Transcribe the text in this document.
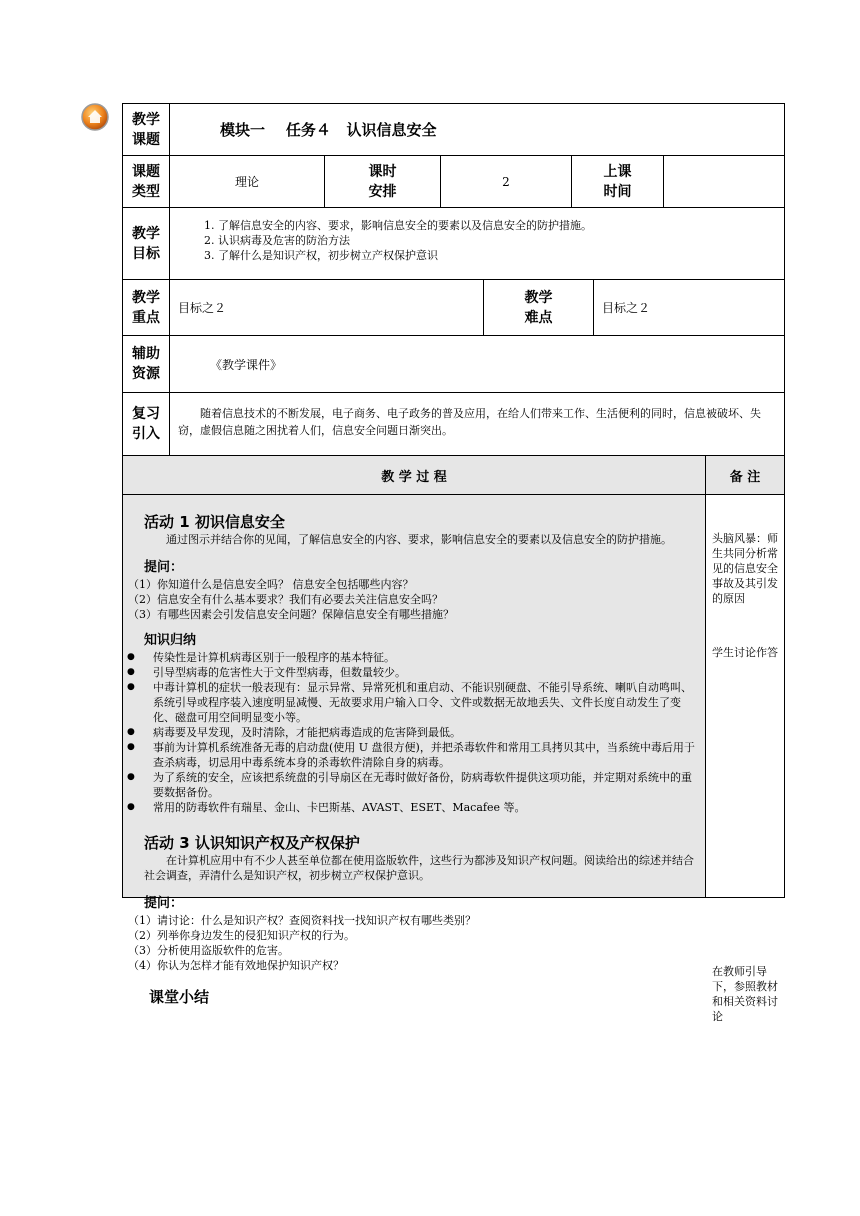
教学课题
模块一    任务４   认识信息安全
课题类型
理论
课时安排
2
上课时间
教学目标
1. 了解信息安全的内容、要求，影响信息安全的要素以及信息安全的防护措施。
2. 认识病毒及危害的防治方法
3. 了解什么是知识产权，初步树立产权保护意识
教学重点
目标之２
教学难点
目标之２
辅助资源
《教学课件》
复习引入

随着信息技术的不断发展，电子商务、电子政务的普及应用，在给人们带来工作、生活便利的同时，信息被破坏、失窃，虚假信息随之困扰着人们，信息安全问题日渐突出。

教 学 过 程	备 注
活动 1 初识信息安全

通过图示并结合你的见闻，了解信息安全的内容、要求，影响信息安全的要素以及信息安全的防护措施。

提问：

（1）你知道什么是信息安全吗？ 信息安全包括哪些内容？

（2）信息安全有什么基本要求？我们有必要去关注信息安全吗？

（3）有哪些因素会引发信息安全问题？保障信息安全有哪些措施？

知识归纳
● 传染性是计算机病毒区别于一般程序的基本特征。
● 引导型病毒的危害性大于文件型病毒，但数量较少。
● 中毒计算机的症状一般表现有：显示异常、异常死机和重启动、不能识别硬盘、不能引导系统、喇叭自动鸣叫、系统引导或程序装入速度明显减慢、无故要求用户输入口令、文件或数据无故地丢失、文件长度自动发生了变化、磁盘可用空间明显变小等。
● 病毒要及早发现，及时清除，才能把病毒造成的危害降到最低。
● 事前为计算机系统准备无毒的启动盘(使用 U 盘很方便)，并把杀毒软件和常用工具拷贝其中，当系统中毒后用于查杀病毒，切忌用中毒系统本身的杀毒软件清除自身的病毒。
● 为了系统的安全，应该把系统盘的引导扇区在无毒时做好备份，防病毒软件提供这项功能，并定期对系统中的重要数据备份。
● 常用的防毒软件有瑞星、金山、卡巴斯基、AVAST、ESET、Macafee 等。
活动 3 认识知识产权及产权保护

在计算机应用中有不少人甚至单位都在使用盗版软件，这些行为都涉及知识产权问题。阅读给出的综述并结合社会调查，弄清什么是知识产权，初步树立产权保护意识。

提问：

（1）请讨论：什么是知识产权？查阅资料找一找知识产权有哪些类别？

（2）列举你身边发生的侵犯知识产权的行为。

（3）分析使用盗版软件的危害。

（4）你认为怎样才能有效地保护知识产权？

课堂小结

头脑风暴：师生共同分析常见的信息安全事故及其引发的原因

学生讨论作答

在教师引导下，参照教材和相关资料讨论
